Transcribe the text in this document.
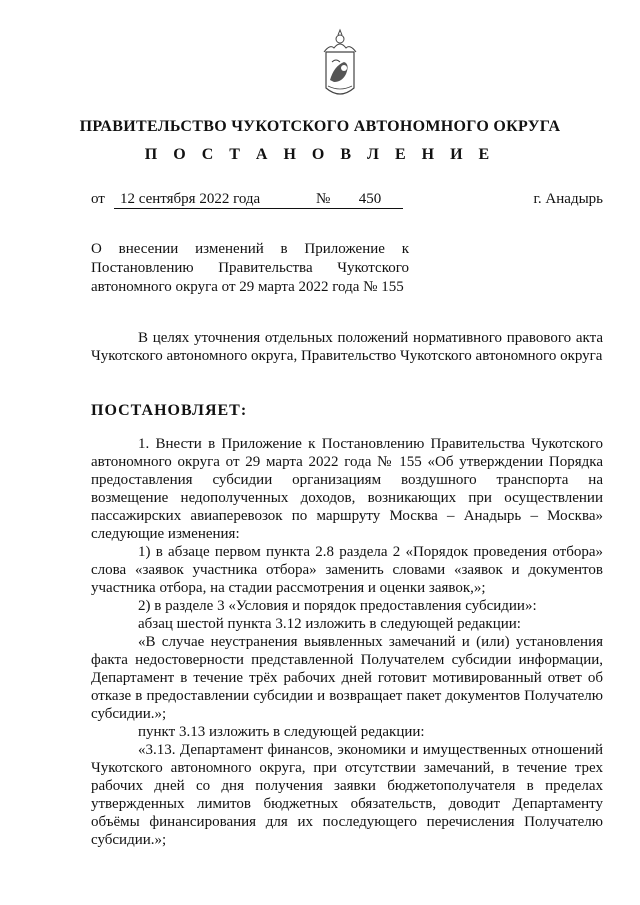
ПРАВИТЕЛЬСТВО ЧУКОТСКОГО АВТОНОМНОГО ОКРУГА
П О С Т А Н О В Л Е Н И Е
от	12 сентября 2022 года	№	450	г. Анадырь
О внесении изменений в Приложение к
Постановлению Правительства Чукотского
автономного округа от 29 марта 2022 года № 155

В целях уточнения отдельных положений нормативного правового акта Чукотского автономного округа, Правительство Чукотского автономного округа

ПОСТАНОВЛЯЕТ:

1. Внести в Приложение к Постановлению Правительства Чукотского автономного округа от 29 марта 2022 года № 155 «Об утверждении Порядка предоставления субсидии организациям воздушного транспорта на возмещение недополученных доходов, возникающих при осуществлении пассажирских авиаперевозок по маршруту Москва – Анадырь – Москва» следующие изменения:

1) в абзаце первом пункта 2.8 раздела 2 «Порядок проведения отбора» слова «заявок участника отбора» заменить словами «заявок и документов участника отбора, на стадии рассмотрения и оценки заявок,»;

2) в разделе 3 «Условия и порядок предоставления субсидии»:

абзац шестой пункта 3.12 изложить в следующей редакции:

«В случае неустранения выявленных замечаний и (или) установления факта недостоверности представленной Получателем субсидии информации, Департамент в течение трёх рабочих дней готовит мотивированный ответ об отказе в предоставлении субсидии и возвращает пакет документов Получателю субсидии.»;

пункт 3.13 изложить в следующей редакции:

«3.13. Департамент финансов, экономики и имущественных отношений Чукотского автономного округа, при отсутствии замечаний, в течение трех рабочих дней со дня получения заявки бюджетополучателя в пределах утвержденных лимитов бюджетных обязательств, доводит Департаменту объёмы финансирования для их последующего перечисления Получателю субсидии.»;
